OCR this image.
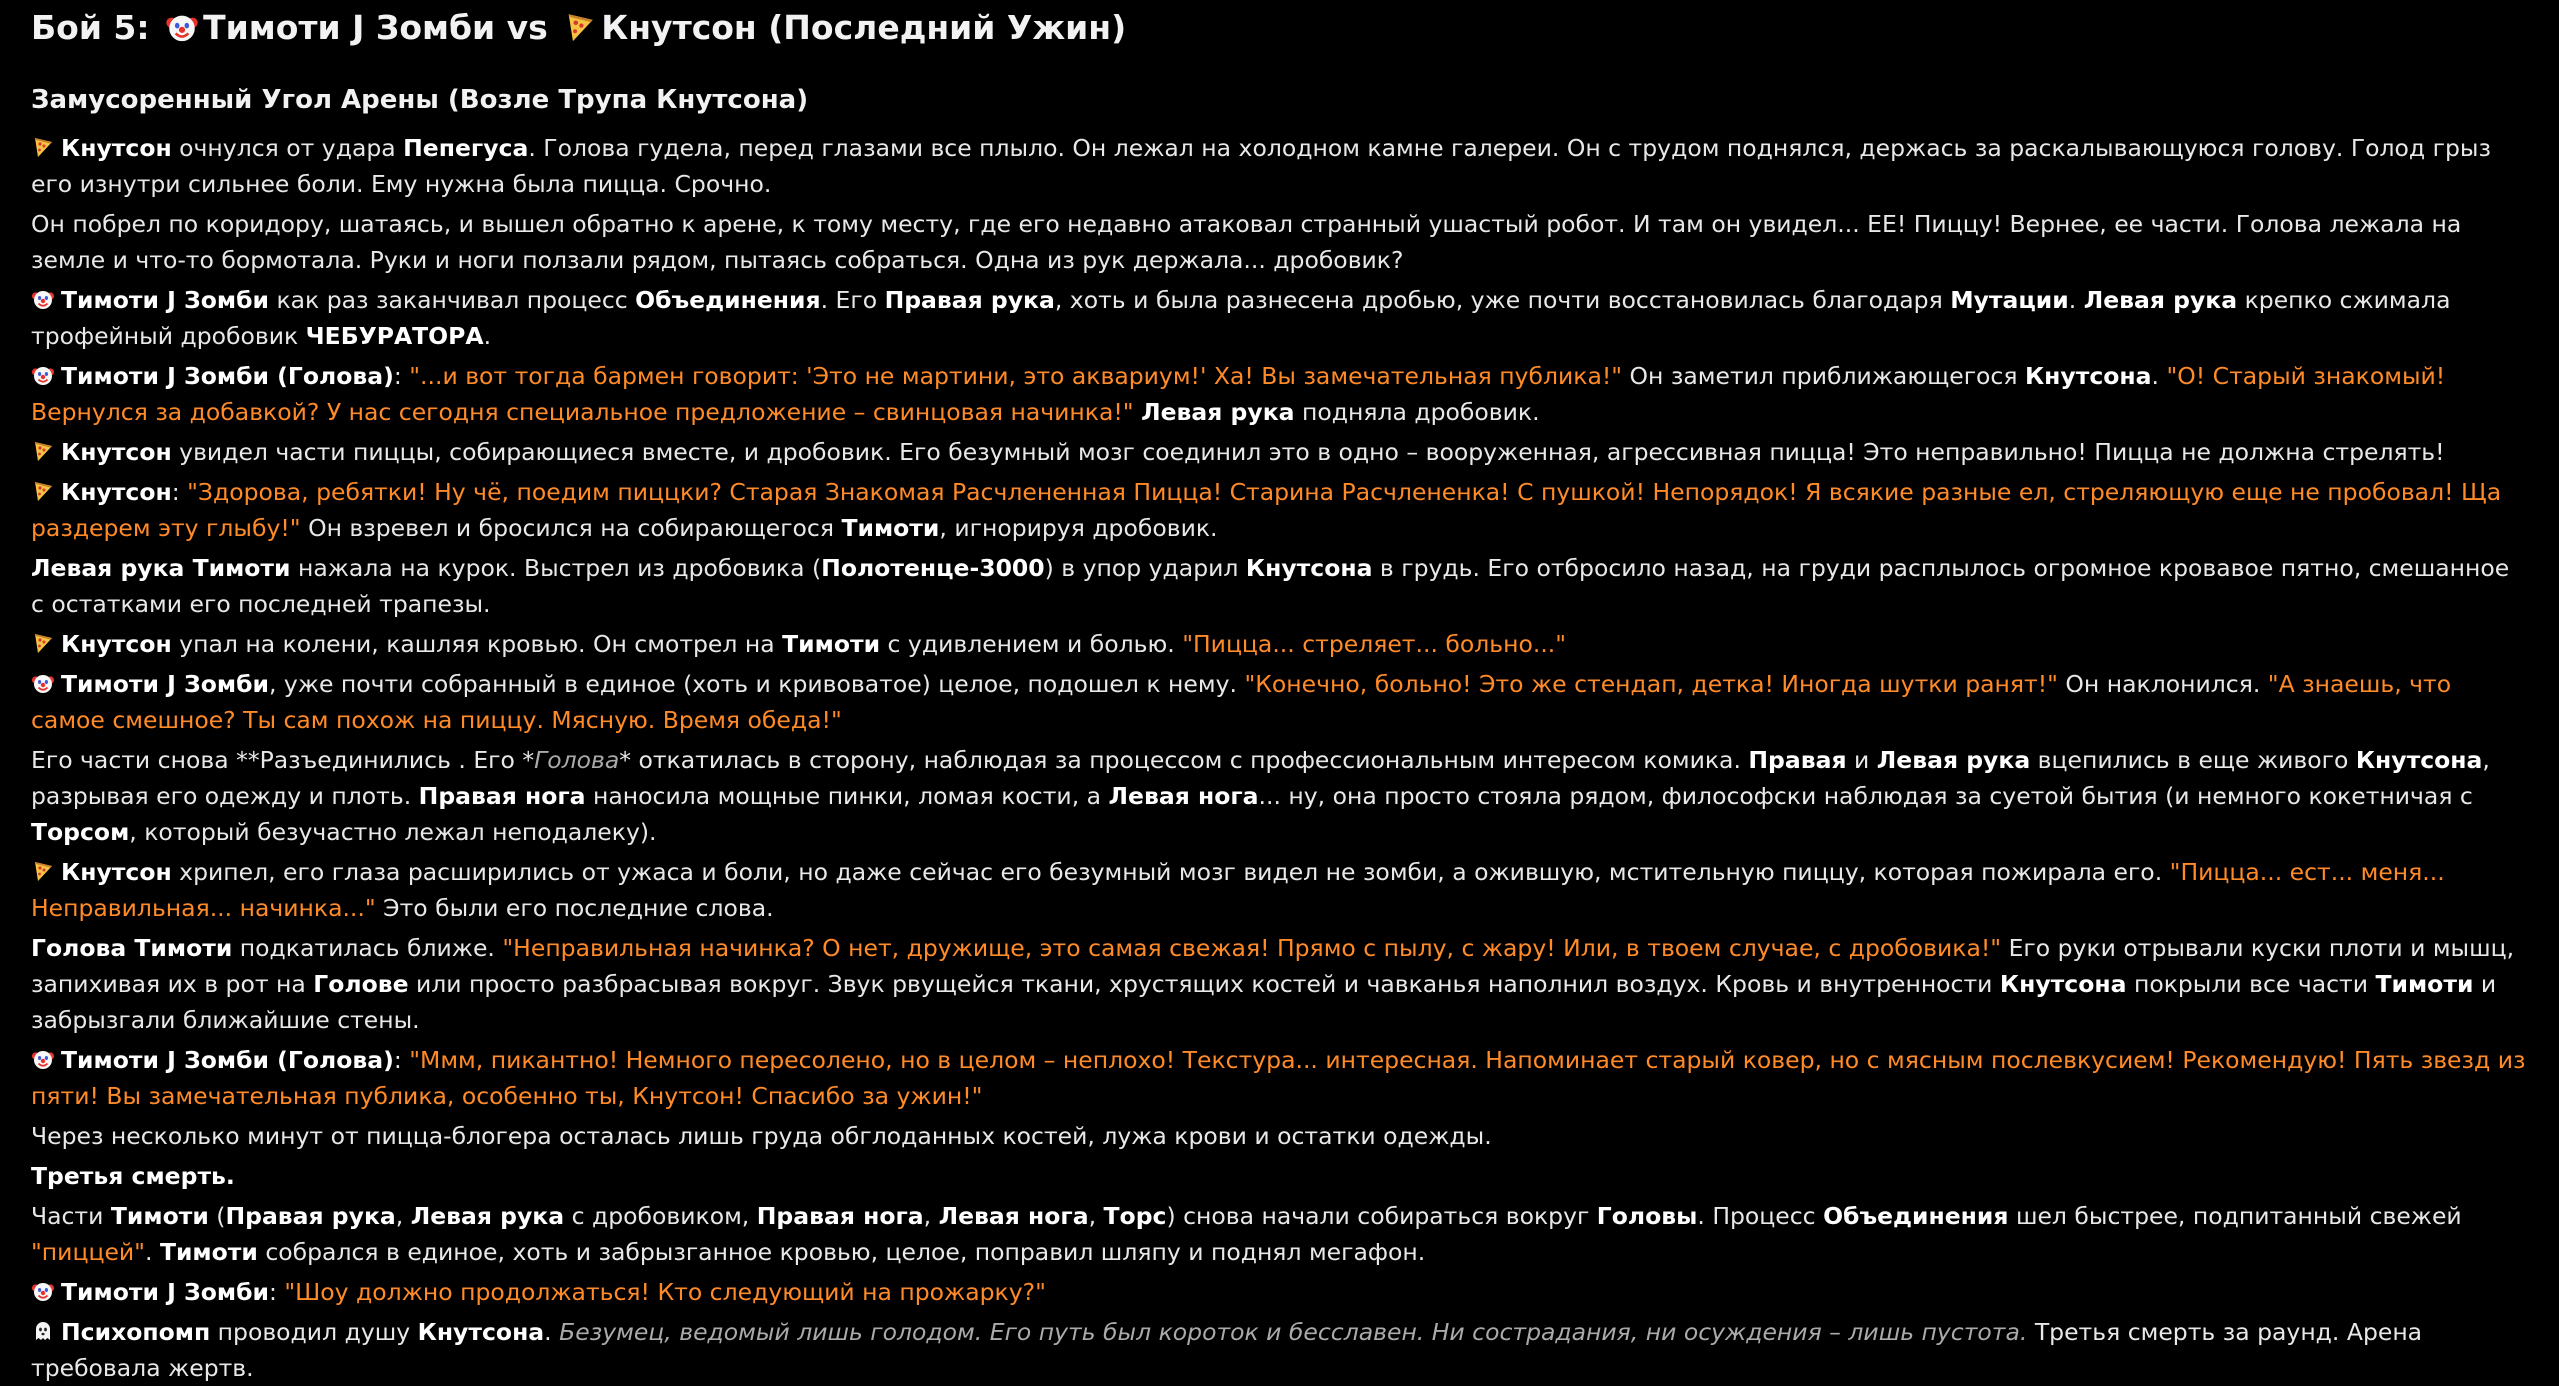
Бой 5: Тимоти J Зомби vs Кнутсон (Последний Ужин)
Замусоренный Угол Арены (Возле Трупа Кнутсона)

Кнутсон очнулся от удара Пепегуса. Голова гудела, перед глазами все плыло. Он лежал на холодном камне галереи. Он с трудом поднялся, держась за раскалывающуюся голову. Голод грыз его изнутри сильнее боли. Ему нужна была пицца. Срочно.

Он побрел по коридору, шатаясь, и вышел обратно к арене, к тому месту, где его недавно атаковал странный ушастый робот. И там он увидел... ЕЕ! Пиццу! Вернее, ее части. Голова лежала на земле и что-то бормотала. Руки и ноги ползали рядом, пытаясь собраться. Одна из рук держала... дробовик?

Тимоти J Зомби как раз заканчивал процесс Объединения. Его Правая рука, хоть и была разнесена дробью, уже почти восстановилась благодаря Мутации. Левая рука крепко сжимала трофейный дробовик ЧЕБУРАТОРА.

Тимоти J Зомби (Голова): "...и вот тогда бармен говорит: 'Это не мартини, это аквариум!' Ха! Вы замечательная публика!" Он заметил приближающегося Кнутсона. "О! Старый знакомый! Вернулся за добавкой? У нас сегодня специальное предложение – свинцовая начинка!" Левая рука подняла дробовик.

Кнутсон увидел части пиццы, собирающиеся вместе, и дробовик. Его безумный мозг соединил это в одно – вооруженная, агрессивная пицца! Это неправильно! Пицца не должна стрелять!

Кнутсон: "Здорова, ребятки! Ну чё, поедим пиццки? Старая Знакомая Расчлененная Пицца! Старина Расчлененка! С пушкой! Непорядок! Я всякие разные ел, стреляющую еще не пробовал! Ща раздерем эту глыбу!" Он взревел и бросился на собирающегося Тимоти, игнорируя дробовик.

Левая рука Тимоти нажала на курок. Выстрел из дробовика (Полотенце-3000) в упор ударил Кнутсона в грудь. Его отбросило назад, на груди расплылось огромное кровавое пятно, смешанное с остатками его последней трапезы.

Кнутсон упал на колени, кашляя кровью. Он смотрел на Тимоти с удивлением и болью. "Пицца... стреляет... больно..."

Тимоти J Зомби, уже почти собранный в единое (хоть и кривоватое) целое, подошел к нему. "Конечно, больно! Это же стендап, детка! Иногда шутки ранят!" Он наклонился. "А знаешь, что самое смешное? Ты сам похож на пиццу. Мясную. Время обеда!"

Его части снова **Разъединились . Его *Голова* откатилась в сторону, наблюдая за процессом с профессиональным интересом комика. Правая и Левая рука вцепились в еще живого Кнутсона, разрывая его одежду и плоть. Правая нога наносила мощные пинки, ломая кости, а Левая нога... ну, она просто стояла рядом, философски наблюдая за суетой бытия (и немного кокетничая с Торсом, который безучастно лежал неподалеку).

Кнутсон хрипел, его глаза расширились от ужаса и боли, но даже сейчас его безумный мозг видел не зомби, а ожившую, мстительную пиццу, которая пожирала его. "Пицца... ест... меня... Неправильная... начинка..." Это были его последние слова.

Голова Тимоти подкатилась ближе. "Неправильная начинка? О нет, дружище, это самая свежая! Прямо с пылу, с жару! Или, в твоем случае, с дробовика!" Его руки отрывали куски плоти и мышц, запихивая их в рот на Голове или просто разбрасывая вокруг. Звук рвущейся ткани, хрустящих костей и чавканья наполнил воздух. Кровь и внутренности Кнутсона покрыли все части Тимоти и забрызгали ближайшие стены.

Тимоти J Зомби (Голова): "Ммм, пикантно! Немного пересолено, но в целом – неплохо! Текстура... интересная. Напоминает старый ковер, но с мясным послевкусием! Рекомендую! Пять звезд из пяти! Вы замечательная публика, особенно ты, Кнутсон! Спасибо за ужин!"

Через несколько минут от пицца-блогера осталась лишь груда обглоданных костей, лужа крови и остатки одежды.

Третья смерть.

Части Тимоти (Правая рука, Левая рука с дробовиком, Правая нога, Левая нога, Торс) снова начали собираться вокруг Головы. Процесс Объединения шел быстрее, подпитанный свежей "пиццей". Тимоти собрался в единое, хоть и забрызганное кровью, целое, поправил шляпу и поднял мегафон.

Тимоти J Зомби: "Шоу должно продолжаться! Кто следующий на прожарку?"

Психопомп проводил душу Кнутсона. Безумец, ведомый лишь голодом. Его путь был короток и бесславен. Ни сострадания, ни осуждения – лишь пустота. Третья смерть за раунд. Арена требовала жертв.
